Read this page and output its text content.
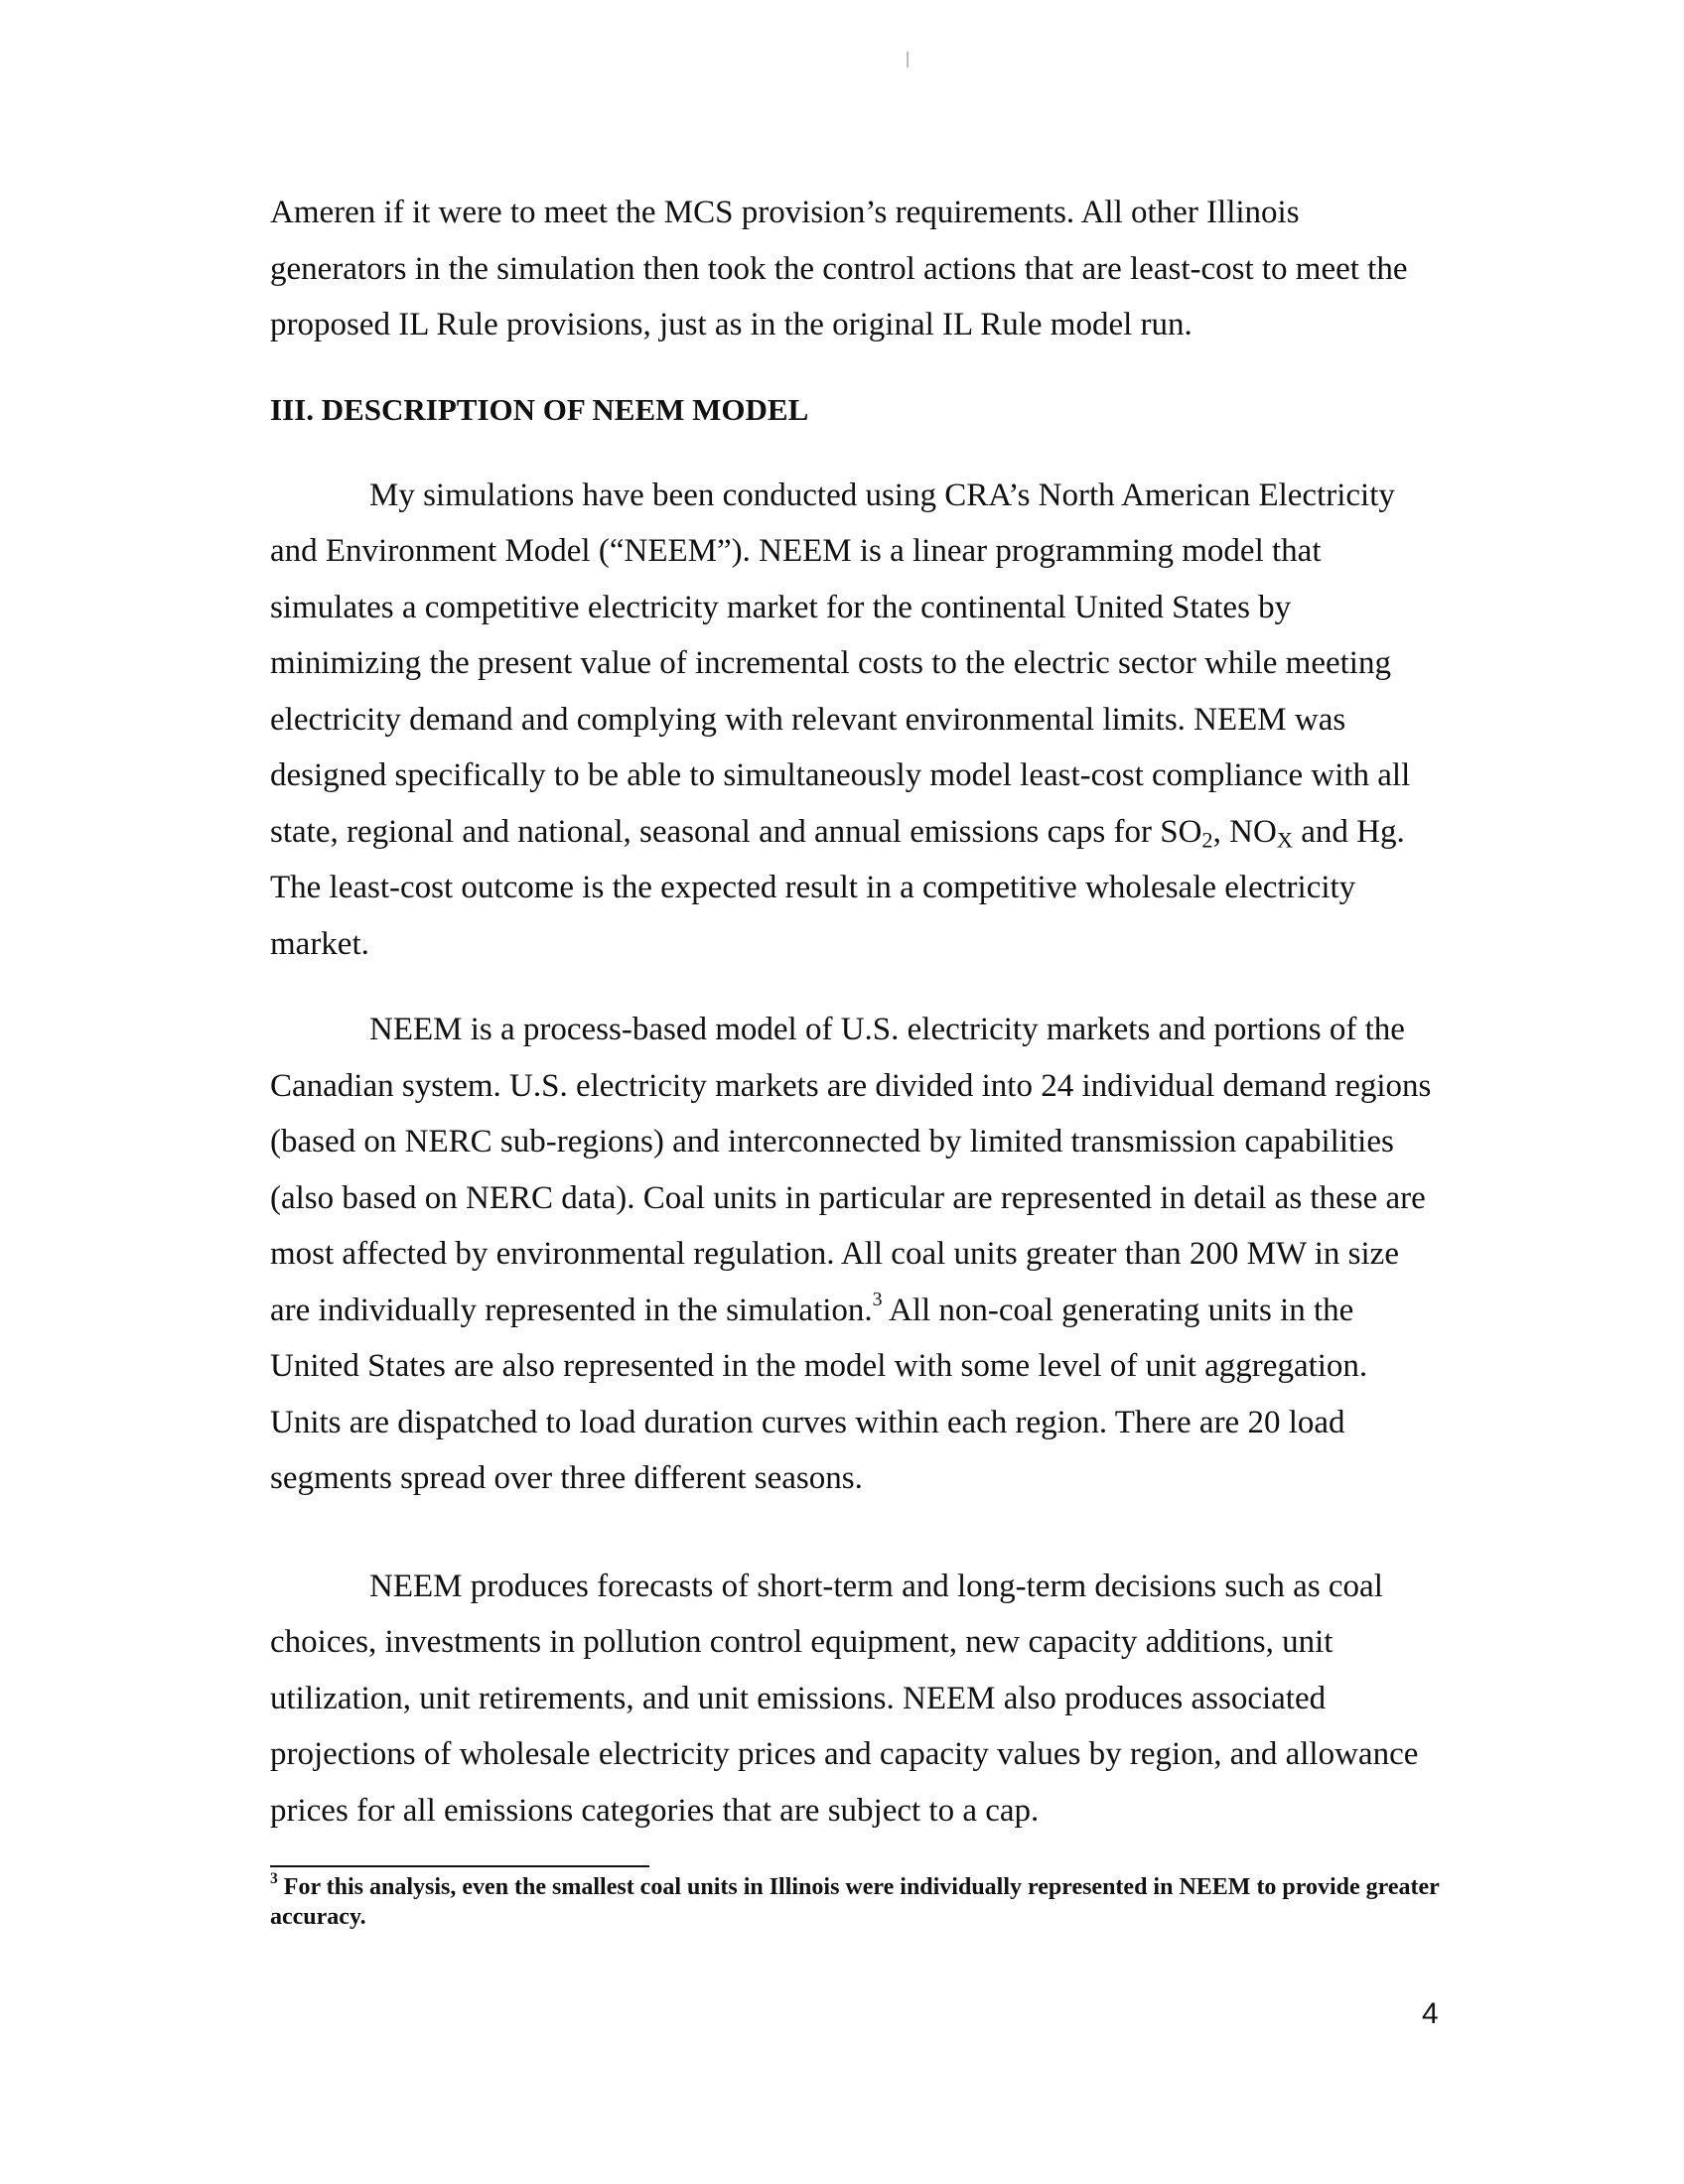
Ameren if it were to meet the MCS provision’s requirements. All other Illinois generators in the simulation then took the control actions that are least-cost to meet the proposed IL Rule provisions, just as in the original IL Rule model run.

III. DESCRIPTION OF NEEM MODEL

My simulations have been conducted using CRA’s North American Electricity and Environment Model (“NEEM”). NEEM is a linear programming model that simulates a competitive electricity market for the continental United States by minimizing the present value of incremental costs to the electric sector while meeting electricity demand and complying with relevant environmental limits. NEEM was designed specifically to be able to simultaneously model least-cost compliance with all state, regional and national, seasonal and annual emissions caps for $SO_2$, $NO_X$ and Hg. The least-cost outcome is the expected result in a competitive wholesale electricity market.

NEEM is a process-based model of U.S. electricity markets and portions of the Canadian system. U.S. electricity markets are divided into 24 individual demand regions (based on NERC sub-regions) and interconnected by limited transmission capabilities (also based on NERC data). Coal units in particular are represented in detail as these are most affected by environmental regulation. All coal units greater than 200 MW in size are individually represented in the simulation.$^3$ All non-coal generating units in the United States are also represented in the model with some level of unit aggregation. Units are dispatched to load duration curves within each region. There are 20 load segments spread over three different seasons.

NEEM produces forecasts of short-term and long-term decisions such as coal choices, investments in pollution control equipment, new capacity additions, unit utilization, unit retirements, and unit emissions. NEEM also produces associated projections of wholesale electricity prices and capacity values by region, and allowance prices for all emissions categories that are subject to a cap.

$^3$ For this analysis, even the smallest coal units in Illinois were individually represented in NEEM to provide greater accuracy.

4
